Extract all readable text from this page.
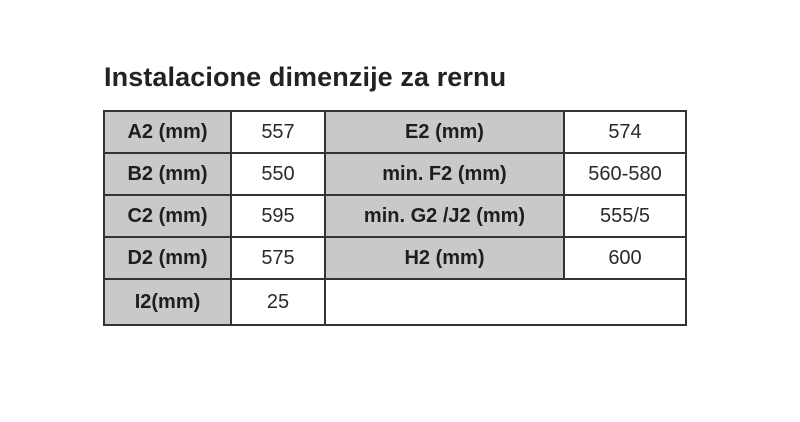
Instalacione dimenzije za rernu
A2 (mm)	557	E2 (mm)	574
B2 (mm)	550	min. F2 (mm)	560-580
C2 (mm)	595	min. G2 /J2 (mm)	555/5
D2 (mm)	575	H2 (mm)	600
I2(mm)	25		
